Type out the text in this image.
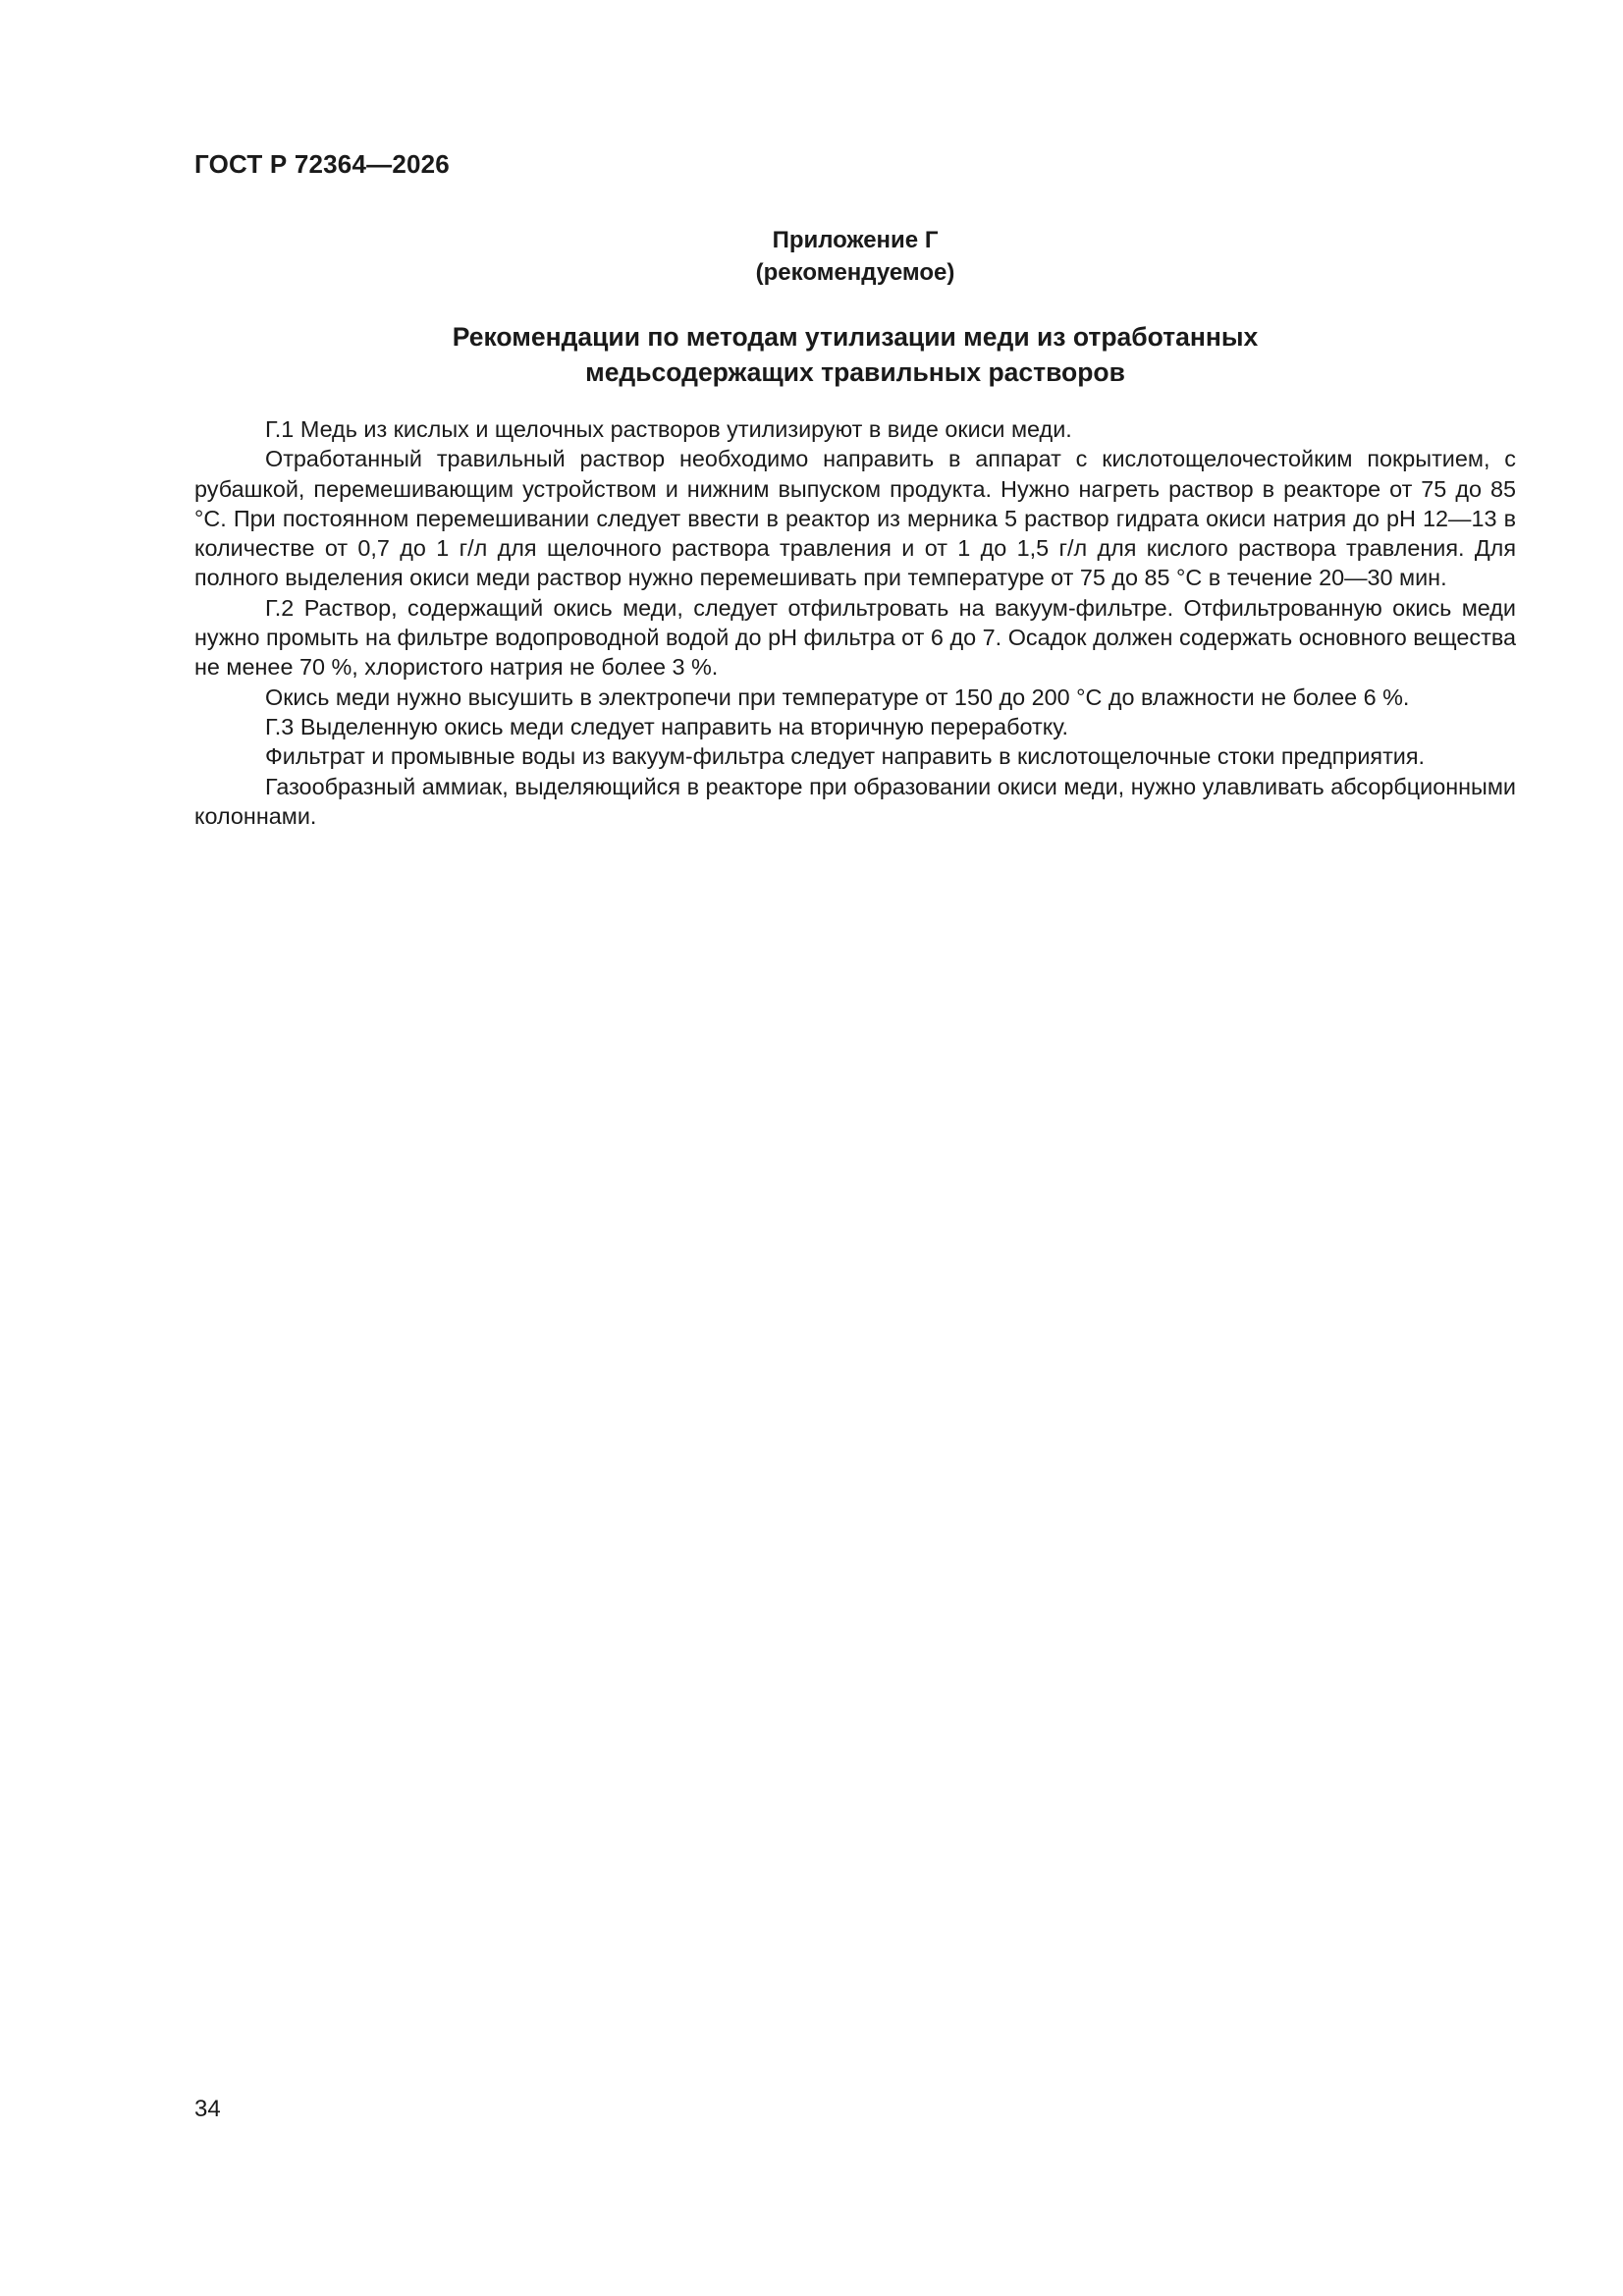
ГОСТ Р 72364—2026
Приложение Г
(рекомендуемое)
Рекомендации по методам утилизации меди из отработанных
медьсодержащих травильных растворов

Г.1 Медь из кислых и щелочных растворов утилизируют в виде окиси меди.

Отработанный травильный раствор необходимо направить в аппарат с кислотощелочестойким покрытием, с рубашкой, перемешивающим устройством и нижним выпуском продукта. Нужно нагреть раствор в реакторе от 75 до 85 °С. При постоянном перемешивании следует ввести в реактор из мерника 5 раствор гидрата окиси натрия до pH 12—13 в количестве от 0,7 до 1 г/л для щелочного раствора травления и от 1 до 1,5 г/л для кислого раствора травления. Для полного выделения окиси меди раствор нужно перемешивать при температуре от 75 до 85 °С в течение 20—30 мин.

Г.2 Раствор, содержащий окись меди, следует отфильтровать на вакуум-фильтре. Отфильтрованную окись меди нужно промыть на фильтре водопроводной водой до pH фильтра от 6 до 7. Осадок должен содержать основного вещества не менее 70 %, хлористого натрия не более 3 %.

Окись меди нужно высушить в электропечи при температуре от 150 до 200 °С до влажности не более 6 %.

Г.3 Выделенную окись меди следует направить на вторичную переработку.

Фильтрат и промывные воды из вакуум-фильтра следует направить в кислотощелочные стоки предприятия.

Газообразный аммиак, выделяющийся в реакторе при образовании окиси меди, нужно улавливать абсорбционными колоннами.

34
